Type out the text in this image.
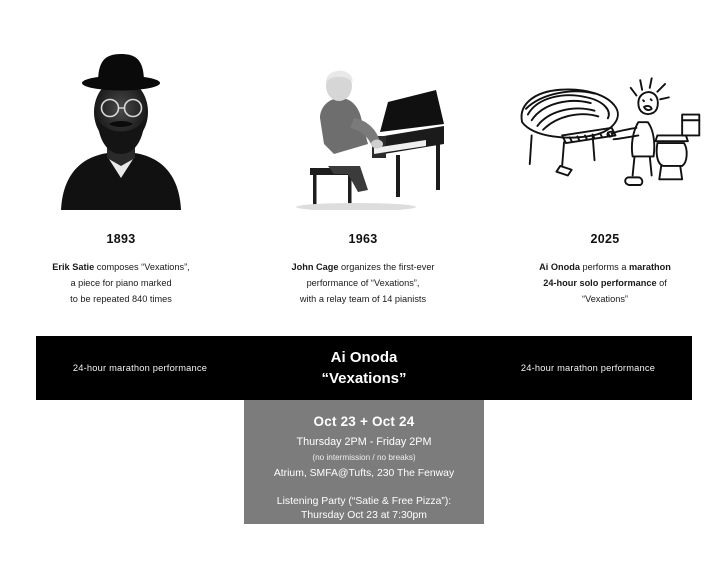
1893
Erik Satie composes “Vexations”,
a piece for piano marked
to be repeated 840 times
1963
John Cage organizes the first-ever
performance of “Vexations”,
with a relay team of 14 pianists
2025
Ai Onoda performs a marathon
24-hour solo performance of
“Vexations”
24-hour marathon performance
Ai Onoda
“Vexations”
24-hour marathon performance
Oct 23 + Oct 24
Thursday 2PM - Friday 2PM
(no intermission / no breaks)
Atrium, SMFA@Tufts, 230 The Fenway
Listening Party (“Satie & Free Pizza”):
Thursday Oct 23 at 7:30pm
